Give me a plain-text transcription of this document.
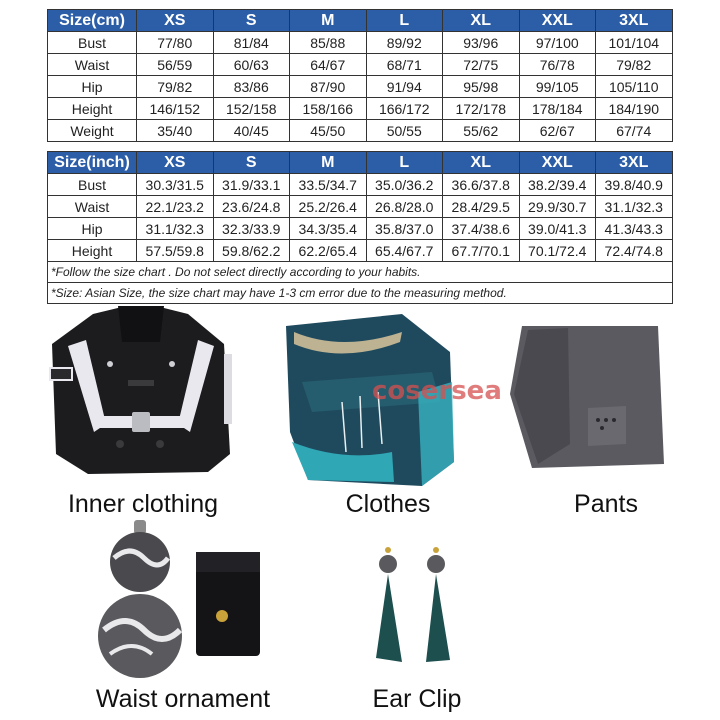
Size(cm)	XS	S	M	L	XL	XXL	3XL
Bust	77/80	81/84	85/88	89/92	93/96	97/100	101/104
Waist	56/59	60/63	64/67	68/71	72/75	76/78	79/82
Hip	79/82	83/86	87/90	91/94	95/98	99/105	105/110
Height	146/152	152/158	158/166	166/172	172/178	178/184	184/190
Weight	35/40	40/45	45/50	50/55	55/62	62/67	67/74
Size(inch)	XS	S	M	L	XL	XXL	3XL
Bust	30.3/31.5	31.9/33.1	33.5/34.7	35.0/36.2	36.6/37.8	38.2/39.4	39.8/40.9
Waist	22.1/23.2	23.6/24.8	25.2/26.4	26.8/28.0	28.4/29.5	29.9/30.7	31.1/32.3
Hip	31.1/32.3	32.3/33.9	34.3/35.4	35.8/37.0	37.4/38.6	39.0/41.3	41.3/43.3
Height	57.5/59.8	59.8/62.2	62.2/65.4	65.4/67.7	67.7/70.1	70.1/72.4	72.4/74.8
*Follow the size chart . Do not select directly according to your habits.							
*Size: Asian Size, the size chart may have 1-3 cm error due to the measuring method.							
cosersea
Inner clothing	Clothes	Pants
Waist ornament	Ear Clip
